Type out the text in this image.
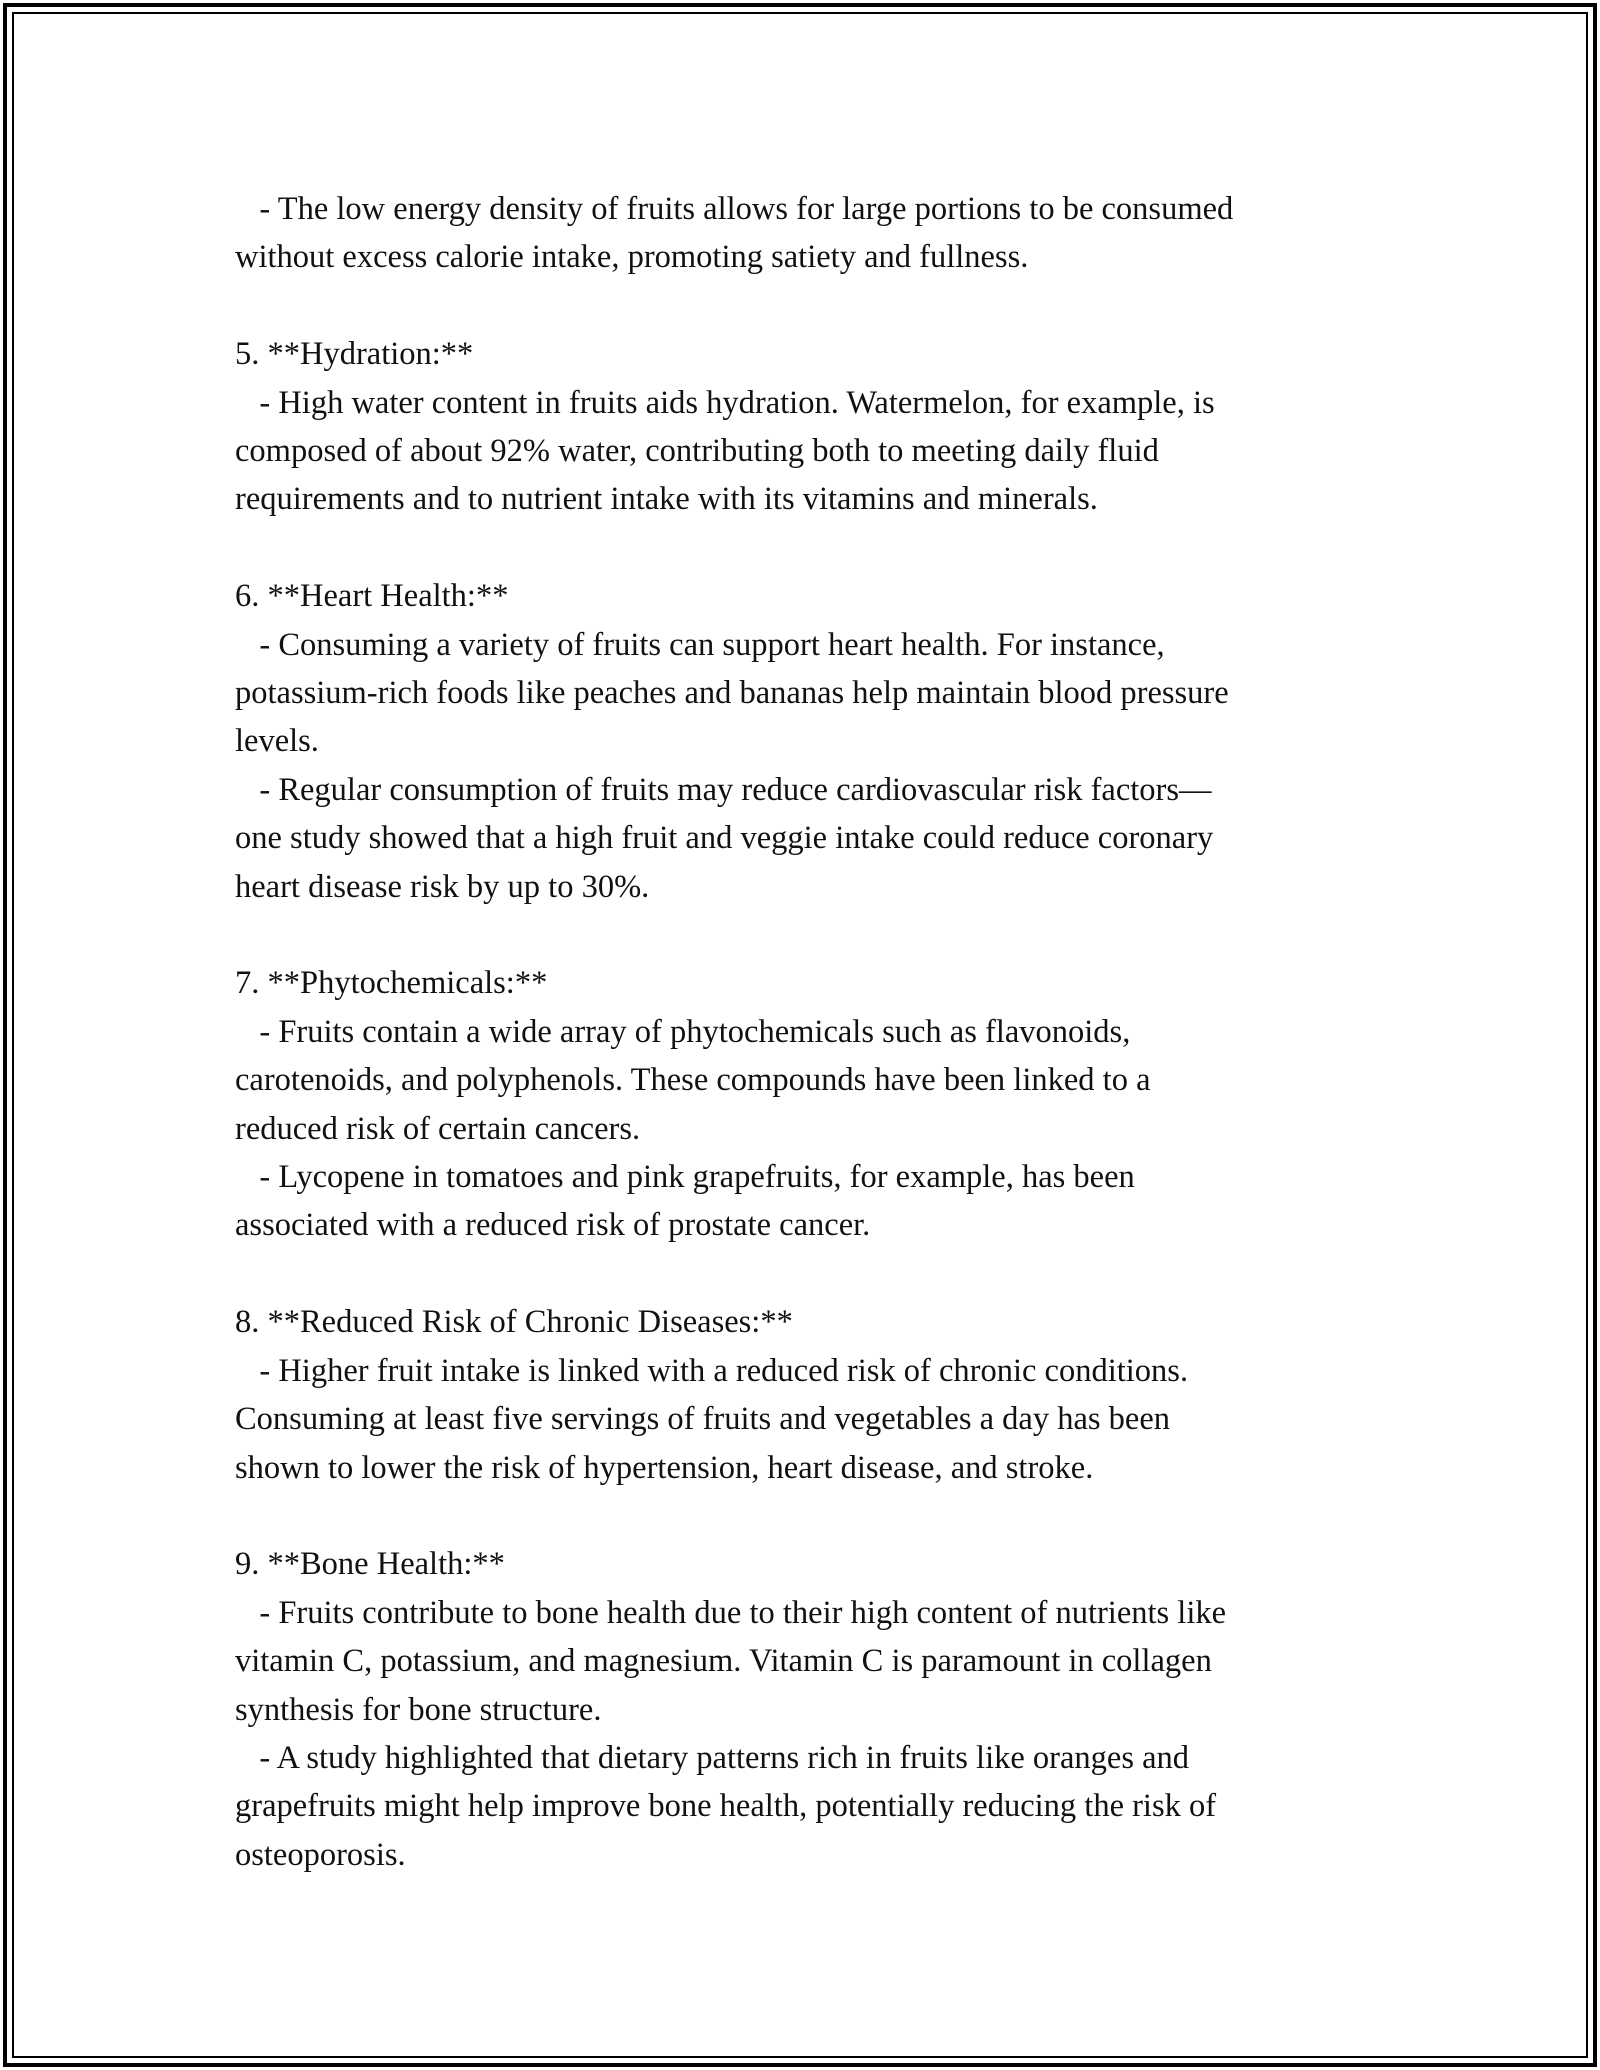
- The low energy density of fruits allows for large portions to be consumed
without excess calorie intake, promoting satiety and fullness.
5. **Hydration:**
- High water content in fruits aids hydration. Watermelon, for example, is
composed of about 92% water, contributing both to meeting daily fluid
requirements and to nutrient intake with its vitamins and minerals.
6. **Heart Health:**
- Consuming a variety of fruits can support heart health. For instance,
potassium-rich foods like peaches and bananas help maintain blood pressure
levels.
- Regular consumption of fruits may reduce cardiovascular risk factors—
one study showed that a high fruit and veggie intake could reduce coronary
heart disease risk by up to 30%.
7. **Phytochemicals:**
- Fruits contain a wide array of phytochemicals such as flavonoids,
carotenoids, and polyphenols. These compounds have been linked to a
reduced risk of certain cancers.
- Lycopene in tomatoes and pink grapefruits, for example, has been
associated with a reduced risk of prostate cancer.
8. **Reduced Risk of Chronic Diseases:**
- Higher fruit intake is linked with a reduced risk of chronic conditions.
Consuming at least five servings of fruits and vegetables a day has been
shown to lower the risk of hypertension, heart disease, and stroke.
9. **Bone Health:**
- Fruits contribute to bone health due to their high content of nutrients like
vitamin C, potassium, and magnesium. Vitamin C is paramount in collagen
synthesis for bone structure.
- A study highlighted that dietary patterns rich in fruits like oranges and
grapefruits might help improve bone health, potentially reducing the risk of
osteoporosis.
